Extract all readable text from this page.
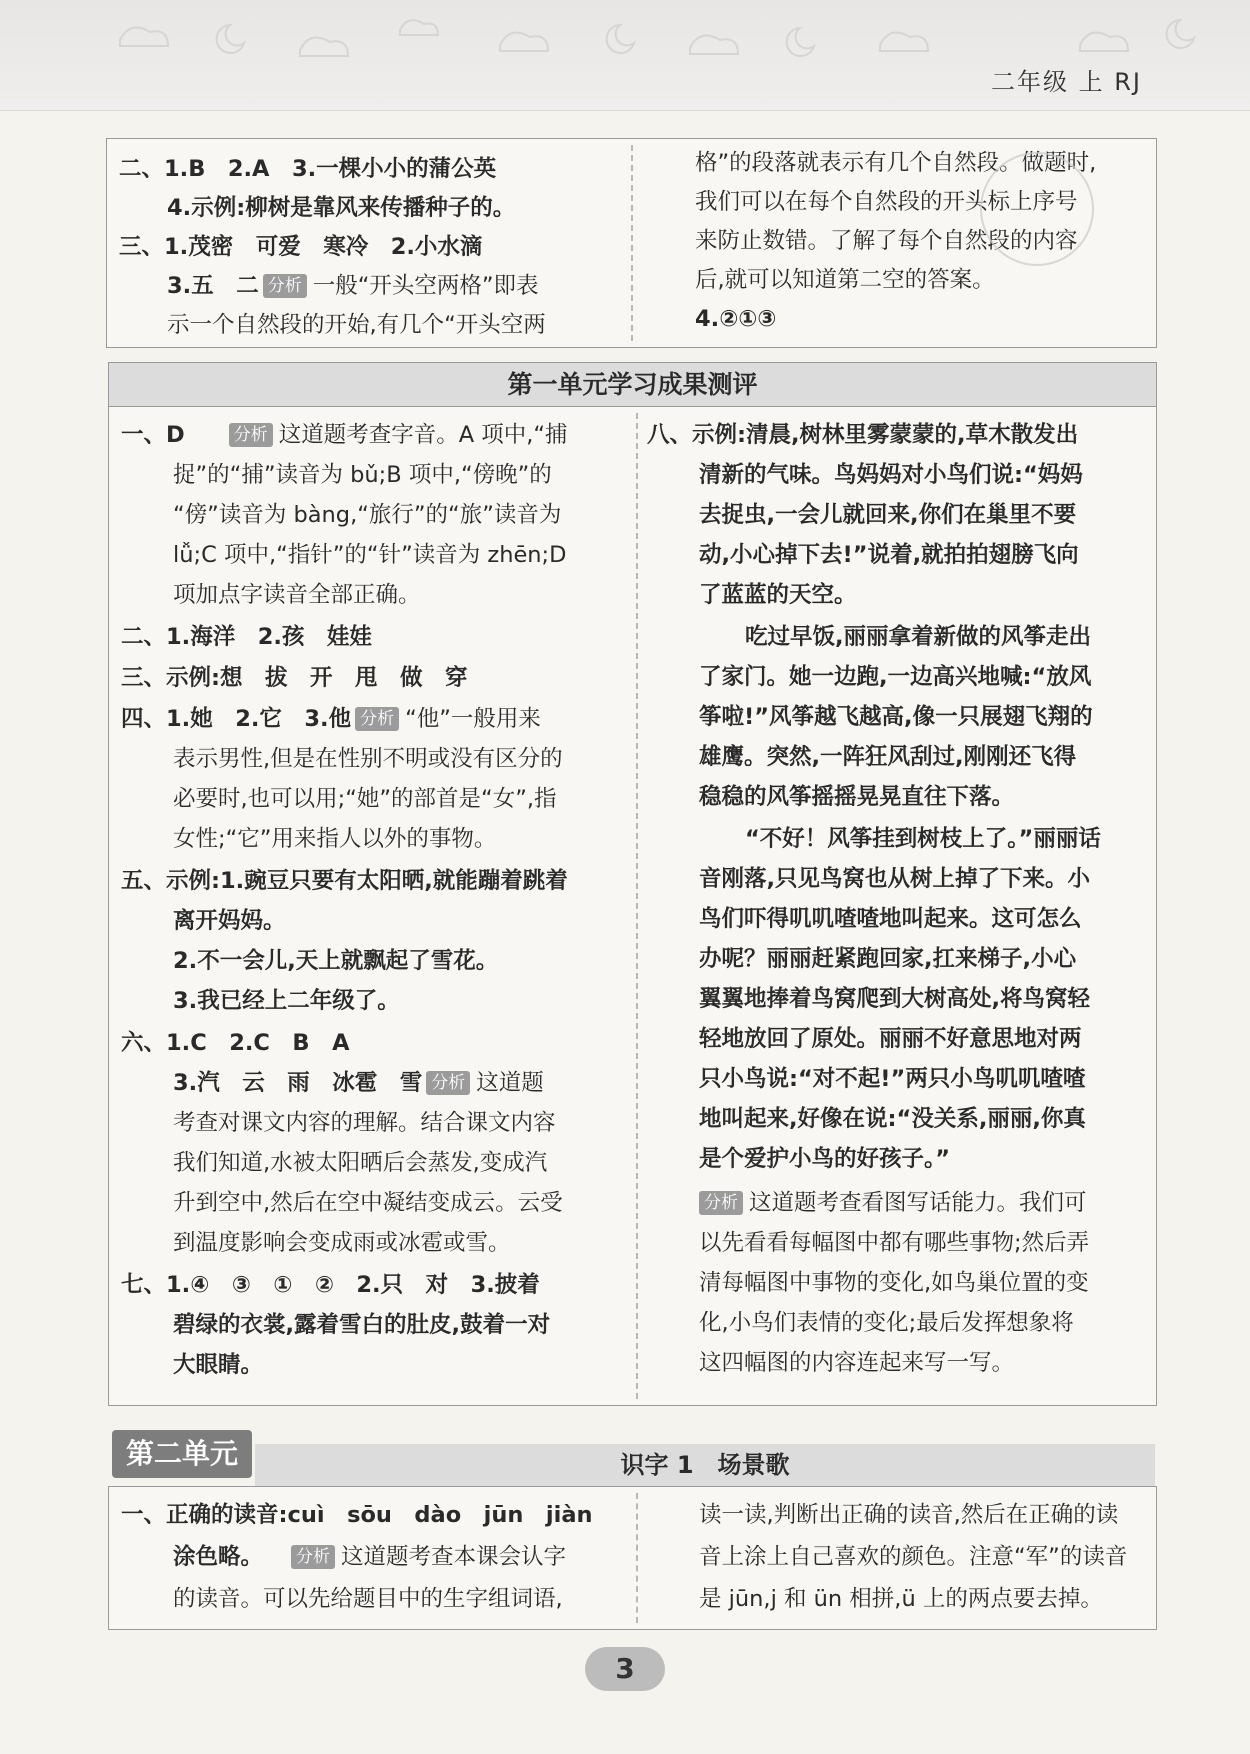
二年级 上 RJ
二、1.B　2.A　3.一棵小小的蒲公英
4.示例:柳树是靠风来传播种子的。
三、1.茂密　可爱　寒冷　2.小水滴
3.五　二 分析 一般“开头空两格”即表
示一个自然段的开始,有几个“开头空两
格”的段落就表示有几个自然段。做题时,
我们可以在每个自然段的开头标上序号
来防止数错。了解了每个自然段的内容
后,就可以知道第二空的答案。
4.②①③
第一单元学习成果测评
一、D	分析 这道题考查字音。A 项中,“捕
捉”的“捕”读音为 bǔ;B 项中,“傍晚”的
“傍”读音为 bàng,“旅行”的“旅”读音为
lǚ;C 项中,“指针”的“针”读音为 zhēn;D
项加点字读音全部正确。
二、1.海洋　2.孩　娃娃
三、示例:想　拔　开　甩　做　穿
四、1.她　2.它　3.他 分析 “他”一般用来
表示男性,但是在性别不明或没有区分的
必要时,也可以用;“她”的部首是“女”,指
女性;“它”用来指人以外的事物。
五、示例:1.豌豆只要有太阳晒,就能蹦着跳着
离开妈妈。
2.不一会儿,天上就飘起了雪花。
3.我已经上二年级了。
六、1.C　2.C　B　A
3.汽　云　雨　冰雹　雪 分析 这道题
考查对课文内容的理解。结合课文内容
我们知道,水被太阳晒后会蒸发,变成汽
升到空中,然后在空中凝结变成云。云受
到温度影响会变成雨或冰雹或雪。
七、1.④　③　①　②　2.只　对　3.披着
碧绿的衣裳,露着雪白的肚皮,鼓着一对
大眼睛。
八、示例:清晨,树林里雾蒙蒙的,草木散发出
清新的气味。鸟妈妈对小鸟们说:“妈妈
去捉虫,一会儿就回来,你们在巢里不要
动,小心掉下去!”说着,就拍拍翅膀飞向
了蓝蓝的天空。
吃过早饭,丽丽拿着新做的风筝走出
了家门。她一边跑,一边高兴地喊:“放风
筝啦!”风筝越飞越高,像一只展翅飞翔的
雄鹰。突然,一阵狂风刮过,刚刚还飞得
稳稳的风筝摇摇晃晃直往下落。
“不好！风筝挂到树枝上了。”丽丽话
音刚落,只见鸟窝也从树上掉了下来。小
鸟们吓得叽叽喳喳地叫起来。这可怎么
办呢？丽丽赶紧跑回家,扛来梯子,小心
翼翼地捧着鸟窝爬到大树高处,将鸟窝轻
轻地放回了原处。丽丽不好意思地对两
只小鸟说:“对不起!”两只小鸟叽叽喳喳
地叫起来,好像在说:“没关系,丽丽,你真
是个爱护小鸟的好孩子。”
分析 这道题考查看图写话能力。我们可
以先看看每幅图中都有哪些事物;然后弄
清每幅图中事物的变化,如鸟巢位置的变
化,小鸟们表情的变化;最后发挥想象将
这四幅图的内容连起来写一写。
识字 1　场景歌
第二单元
一、正确的读音:cuì　sōu　dào　jūn　jiàn
涂色略。 分析 这道题考查本课会认字
的读音。可以先给题目中的生字组词语,
读一读,判断出正确的读音,然后在正确的读
音上涂上自己喜欢的颜色。注意“军”的读音
是 jūn,j 和 ün 相拼,ü 上的两点要去掉。
3
